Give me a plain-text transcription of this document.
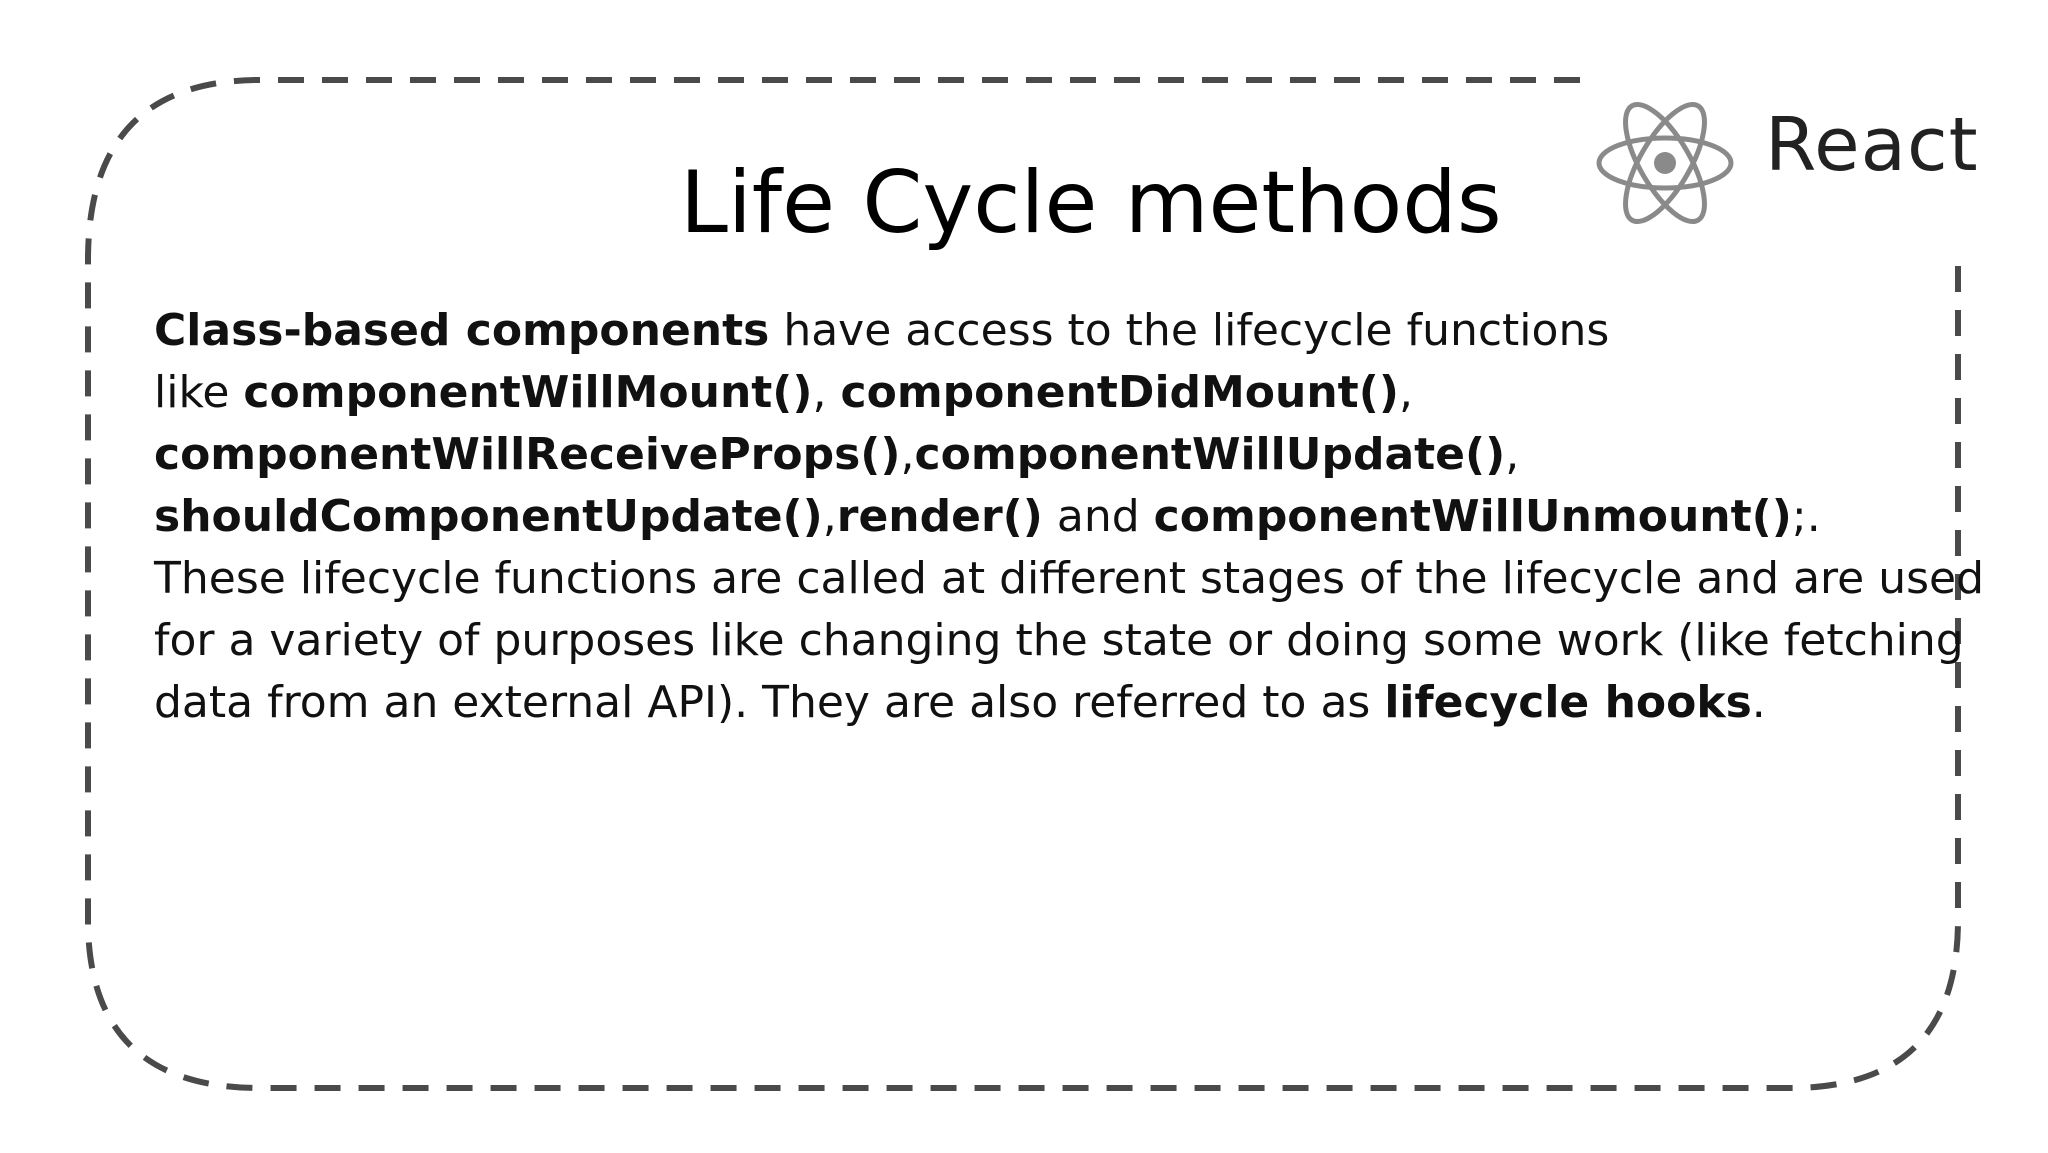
React
Life Cycle methods
Class-based components have access to the lifecycle functions
like componentWillMount(), componentDidMount(),
componentWillReceiveProps(),componentWillUpdate(),
shouldComponentUpdate(),render() and componentWillUnmount();.
These lifecycle functions are called at different stages of the lifecycle and are used
for a variety of purposes like changing the state or doing some work (like fetching
data from an external API). They are also referred to as lifecycle hooks.
